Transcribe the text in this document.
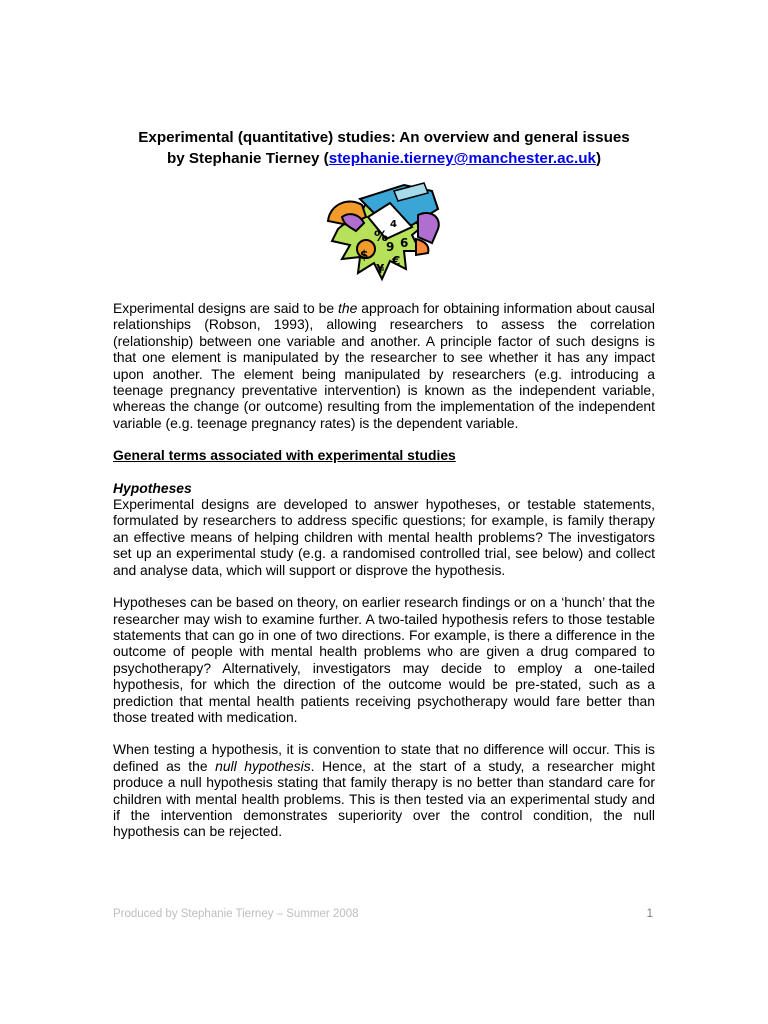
Experimental (quantitative) studies: An overview and general issues
by Stephanie Tierney (stephanie.tierney@manchester.ac.uk)
4
%
$
¥
€
9 6

Experimental designs are said to be the approach for obtaining information about causal relationships (Robson, 1993), allowing researchers to assess the correlation (relationship) between one variable and another. A principle factor of such designs is that one element is manipulated by the researcher to see whether it has any impact upon another. The element being manipulated by researchers (e.g. introducing a teenage pregnancy preventative intervention) is known as the independent variable, whereas the change (or outcome) resulting from the implementation of the independent variable (e.g. teenage pregnancy rates) is the dependent variable.

General terms associated with experimental studies

Hypotheses

Experimental designs are developed to answer hypotheses, or testable statements, formulated by researchers to address specific questions; for example, is family therapy an effective means of helping children with mental health problems? The investigators set up an experimental study (e.g. a randomised controlled trial, see below) and collect and analyse data, which will support or disprove the hypothesis.

Hypotheses can be based on theory, on earlier research findings or on a ‘hunch’ that the researcher may wish to examine further. A two-tailed hypothesis refers to those testable statements that can go in one of two directions. For example, is there a difference in the outcome of people with mental health problems who are given a drug compared to psychotherapy? Alternatively, investigators may decide to employ a one-tailed hypothesis, for which the direction of the outcome would be pre-stated, such as a prediction that mental health patients receiving psychotherapy would fare better than those treated with medication.

When testing a hypothesis, it is convention to state that no difference will occur. This is defined as the null hypothesis. Hence, at the start of a study, a researcher might produce a null hypothesis stating that family therapy is no better than standard care for children with mental health problems. This is then tested via an experimental study and if the intervention demonstrates superiority over the control condition, the null hypothesis can be rejected.

Produced by Stephanie Tierney – Summer 2008	1
